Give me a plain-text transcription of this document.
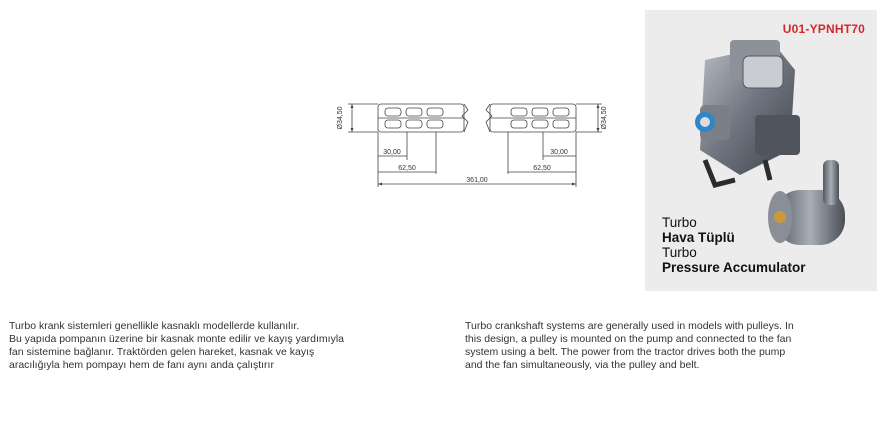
Ø34,50	Ø34,50
30,00	30,00
62,50	62,50
361,00
U01-YPNHT70
Turbo
Hava Tüplü
Turbo
Pressure Accumulator
Turbo krank sistemleri genellikle kasnaklı modellerde kullanılır.
Bu yapıda pompanın üzerine bir kasnak monte edilir ve kayış yardımıyla
fan sistemine bağlanır. Traktörden gelen hareket, kasnak ve kayış
aracılığıyla hem pompayı hem de fanı aynı anda çalıştırır
Turbo crankshaft systems are generally used in models with pulleys. In
this design, a pulley is mounted on the pump and connected to the fan
system using a belt. The power from the tractor drives both the pump
and the fan simultaneously, via the pulley and belt.
